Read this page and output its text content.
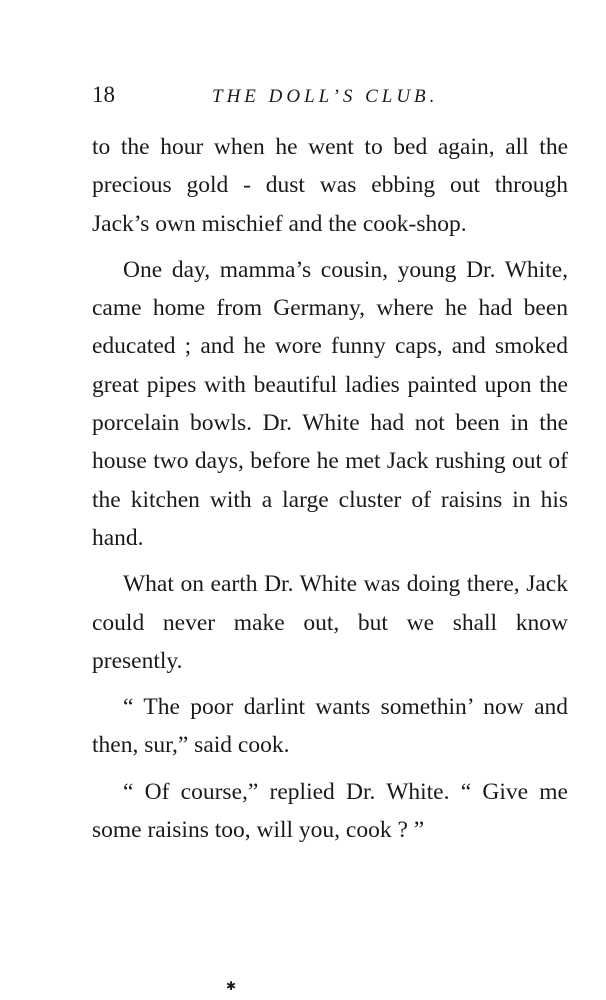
18	THE DOLL’S CLUB.

to the hour when he went to bed again, all the precious gold - dust was ebbing out through Jack’s own mischief and the cook-shop.

One day, mamma’s cousin, young Dr. White, came home from Germany, where he had been educated ; and he wore funny caps, and smoked great pipes with beautiful ladies painted upon the porcelain bowls. Dr. White had not been in the house two days, before he met Jack rushing out of the kitchen with a large cluster of raisins in his hand.

What on earth Dr. White was doing there, Jack could never make out, but we shall know presently.

“ The poor darlint wants somethin’ now and then, sur,” said cook.

“ Of course,” replied Dr. White. “ Give me some raisins too, will you, cook ? ”

✱
